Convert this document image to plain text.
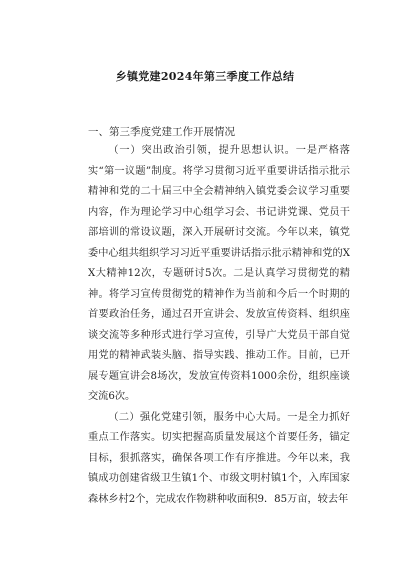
乡镇党建2024年第三季度工作总结
一、第三季度党建工作开展情况

（一）突出政治引领，提升思想认识。一是严格落实“第一议题”制度。将学习贯彻习近平重要讲话指示批示精神和党的二十届三中全会精神纳入镇党委会议学习重要内容，作为理论学习中心组学习会、书记讲党课、党员干部培训的常设议题，深入开展研讨交流。今年以来，镇党委中心组共组织学习习近平重要讲话指示批示精神和党的XX大精神12次，专题研讨5次。二是认真学习贯彻党的精神。将学习宣传贯彻党的精神作为当前和今后一个时期的首要政治任务，通过召开宣讲会、发放宣传资料、组织座谈交流等多种形式进行学习宣传，引导广大党员干部自觉用党的精神武装头脑、指导实践、推动工作。目前，已开展专题宣讲会8场次，发放宣传资料1000余份，组织座谈交流6次。

（二）强化党建引领，服务中心大局。一是全力抓好重点工作落实。切实把握高质量发展这个首要任务，锚定目标，狠抓落实，确保各项工作有序推进。今年以来，我镇成功创建省级卫生镇1个、市级文明村镇1个，入库国家森林乡村2个，完成农作物耕种收面积9．85万亩，较去年
